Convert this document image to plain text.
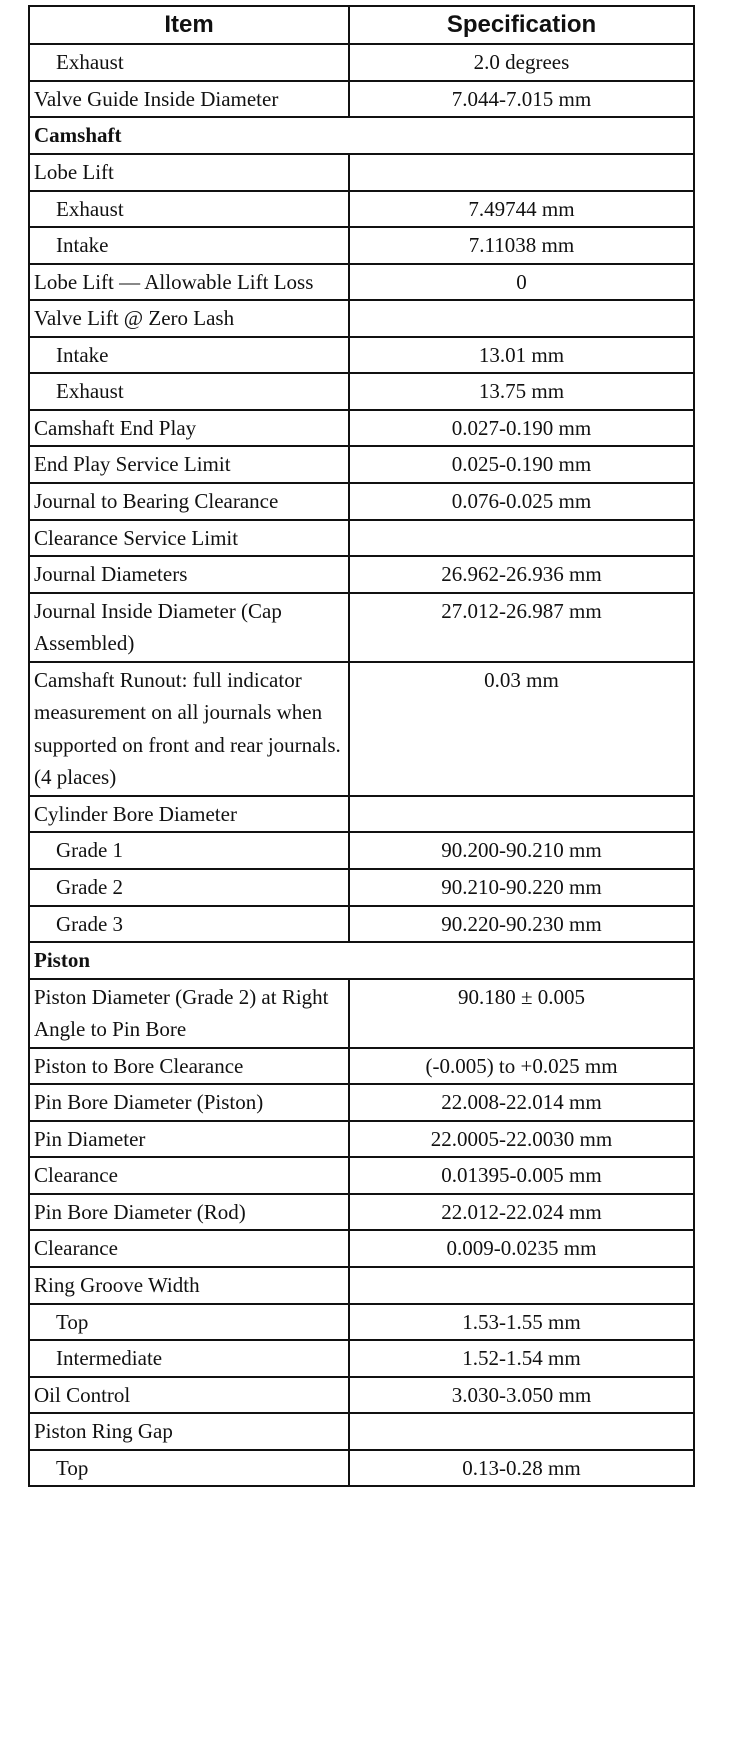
Item	Specification
Exhaust	2.0 degrees
Valve Guide Inside Diameter	7.044-7.015 mm
Camshaft	
Lobe Lift	
Exhaust	7.49744 mm
Intake	7.11038 mm
Lobe Lift — Allowable Lift Loss	0
Valve Lift @ Zero Lash	
Intake	13.01 mm
Exhaust	13.75 mm
Camshaft End Play	0.027-0.190 mm
End Play Service Limit	0.025-0.190 mm
Journal to Bearing Clearance	0.076-0.025 mm
Clearance Service Limit	
Journal Diameters	26.962-26.936 mm
Journal Inside Diameter (Cap Assembled)	27.012-26.987 mm
Camshaft Runout: full indicator measurement on all journals when supported on front and rear journals. (4 places)	0.03 mm
Cylinder Bore Diameter	
Grade 1	90.200-90.210 mm
Grade 2	90.210-90.220 mm
Grade 3	90.220-90.230 mm
Piston	
Piston Diameter (Grade 2) at Right Angle to Pin Bore	90.180 ± 0.005
Piston to Bore Clearance	(-0.005) to +0.025 mm
Pin Bore Diameter (Piston)	22.008-22.014 mm
Pin Diameter	22.0005-22.0030 mm
Clearance	0.01395-0.005 mm
Pin Bore Diameter (Rod)	22.012-22.024 mm
Clearance	0.009-0.0235 mm
Ring Groove Width	
Top	1.53-1.55 mm
Intermediate	1.52-1.54 mm
Oil Control	3.030-3.050 mm
Piston Ring Gap	
Top	0.13-0.28 mm
